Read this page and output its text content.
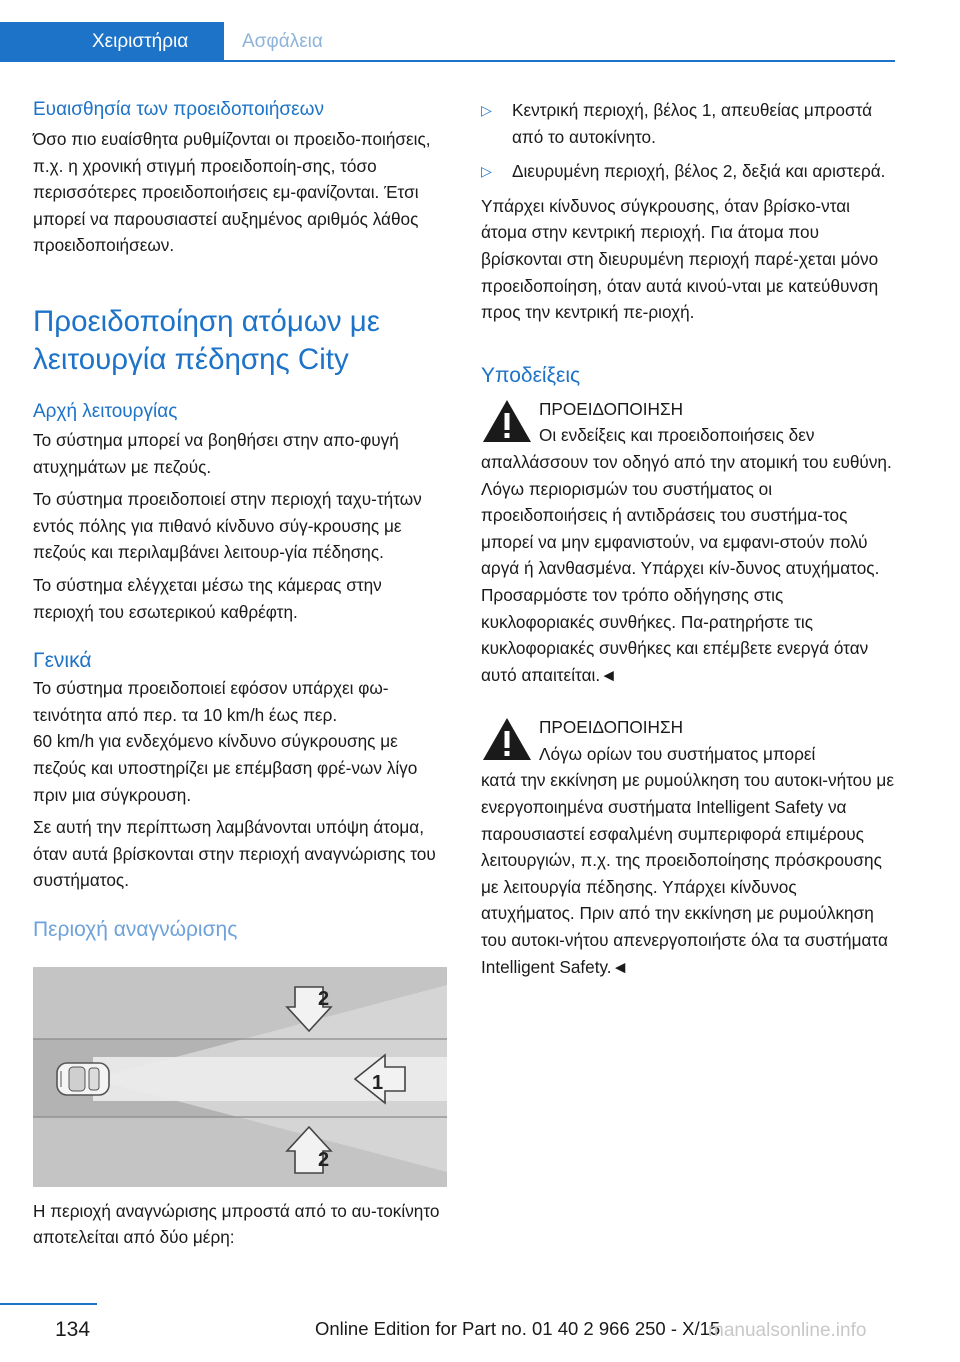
Χειριστήρια	Ασφάλεια
Ευαισθησία των προειδοποιήσεων

Όσο πιο ευαίσθητα ρυθμίζονται οι προειδο-ποιήσεις, π.χ. η χρονική στιγμή προειδοποίη-σης, τόσο περισσότερες προειδοποιήσεις εμ-φανίζονται. Έτσι μπορεί να παρουσιαστεί αυξημένος αριθμός λάθος προειδοποιήσεων.

Προειδοποίηση ατόμων με λειτουργία πέδησης City
Αρχή λειτουργίας

Το σύστημα μπορεί να βοηθήσει στην απο-φυγή ατυχημάτων με πεζούς.

Το σύστημα προειδοποιεί στην περιοχή ταχυ-τήτων εντός πόλης για πιθανό κίνδυνο σύγ-κρουσης με πεζούς και περιλαμβάνει λειτουρ-γία πέδησης.

Το σύστημα ελέγχεται μέσω της κάμερας στην περιοχή του εσωτερικού καθρέφτη.

Γενικά

Το σύστημα προειδοποιεί εφόσον υπάρχει φω-τεινότητα από περ. τα 10 km/h έως περ.

60 km/h για ενδεχόμενο κίνδυνο σύγκρουσης με πεζούς και υποστηρίζει με επέμβαση φρέ-νων λίγο πριν μια σύγκρουση.

Σε αυτή την περίπτωση λαμβάνονται υπόψη άτομα, όταν αυτά βρίσκονται στην περιοχή αναγνώρισης του συστήματος.

Περιοχή αναγνώρισης
1
2
2

Η περιοχή αναγνώρισης μπροστά από το αυ-τοκίνητο αποτελείται από δύο μέρη:

▷ Κεντρική περιοχή, βέλος 1, απευθείας μπροστά από το αυτοκίνητο.
▷ Διευρυμένη περιοχή, βέλος 2, δεξιά και αριστερά.

Υπάρχει κίνδυνος σύγκρουσης, όταν βρίσκο-νται άτομα στην κεντρική περιοχή. Για άτομα που βρίσκονται στη διευρυμένη περιοχή παρέ-χεται μόνο προειδοποίηση, όταν αυτά κινού-νται με κατεύθυνση προς την κεντρική πε-ριοχή.

Υποδείξεις
ΠΡΟΕΙΔΟΠΟΙΗΣΗ
Οι ενδείξεις και προειδοποιήσεις δεν

απαλλάσσουν τον οδηγό από την ατομική του ευθύνη. Λόγω περιορισμών του συστήματος οι προειδοποιήσεις ή αντιδράσεις του συστήμα-τος μπορεί να μην εμφανιστούν, να εμφανι-στούν πολύ αργά ή λανθασμένα. Υπάρχει κίν-δυνος ατυχήματος. Προσαρμόστε τον τρόπο οδήγησης στις κυκλοφοριακές συνθήκες. Πα-ρατηρήστε τις κυκλοφοριακές συνθήκες και επέμβετε ενεργά όταν αυτό απαιτείται.◄

ΠΡΟΕΙΔΟΠΟΙΗΣΗ
Λόγω ορίων του συστήματος μπορεί

κατά την εκκίνηση με ρυμούλκηση του αυτοκι-νήτου με ενεργοποιημένα συστήματα Intelligent Safety να παρουσιαστεί εσφαλμένη συμπεριφορά επιμέρους λειτουργιών, π.χ. της προειδοποίησης πρόσκρουσης με λειτουργία πέδησης. Υπάρχει κίνδυνος ατυχήματος. Πριν από την εκκίνηση με ρυμούλκηση του αυτοκι-νήτου απενεργοποιήστε όλα τα συστήματα Intelligent Safety.◄

134	Online Edition for Part no. 01 40 2 966 250 - X/15
manualsonline.info
